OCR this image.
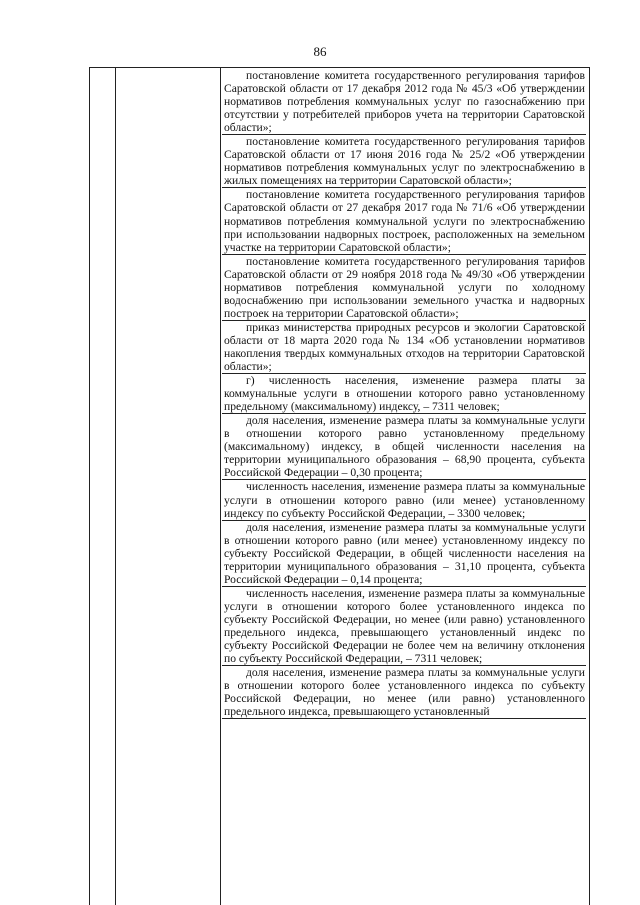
86
постановление комитета государственного регулирования тарифов Саратовской области от 17 декабря 2012 года № 45/3 «Об утверждении нормативов потребления коммунальных услуг по газоснабжению при отсутствии у потребителей приборов учета на территории Саратовской области»;
постановление комитета государственного регулирования тарифов Саратовской области от 17 июня 2016 года № 25/2 «Об утверждении нормативов потребления коммунальных услуг по электроснабжению в жилых помещениях на территории Саратовской области»;
постановление комитета государственного регулирования тарифов Саратовской области от 27 декабря 2017 года № 71/6 «Об утверждении нормативов потребления коммунальной услуги по электроснабжению при использовании надворных построек, расположенных на земельном участке на территории Саратовской области»;
постановление комитета государственного регулирования тарифов Саратовской области от 29 ноября 2018 года № 49/30 «Об утверждении нормативов потребления коммунальной услуги по холодному водоснабжению при использовании земельного участка и надворных построек на территории Саратовской области»;
приказ министерства природных ресурсов и экологии Саратовской области от 18 марта 2020 года № 134 «Об установлении нормативов накопления твердых коммунальных отходов на территории Саратовской области»;
г) численность населения, изменение размера платы за коммунальные услуги в отношении которого равно установленному предельному (максимальному) индексу, – 7311 человек;
доля населения, изменение размера платы за коммунальные услуги в отношении которого равно установленному предельному (максимальному) индексу, в общей численности населения на территории муниципального образования – 68,90 процента, субъекта Российской Федерации – 0,30 процента;
численность населения, изменение размера платы за коммунальные услуги в отношении которого равно (или менее) установленному индексу по субъекту Российской Федерации, – 3300 человек;
доля населения, изменение размера платы за коммунальные услуги в отношении которого равно (или менее) установленному индексу по субъекту Российской Федерации, в общей численности населения на территории муниципального образования – 31,10 процента, субъекта Российской Федерации – 0,14 процента;
численность населения, изменение размера платы за коммунальные услуги в отношении которого более установленного индекса по субъекту Российской Федерации, но менее (или равно) установленного предельного индекса, превышающего установленный индекс по субъекту Российской Федерации не более чем на величину отклонения по субъекту Российской Федерации, – 7311 человек;
доля населения, изменение размера платы за коммунальные услуги в отношении которого более установленного индекса по субъекту Российской Федерации, но менее (или равно) установленного предельного индекса, превышающего установленный
